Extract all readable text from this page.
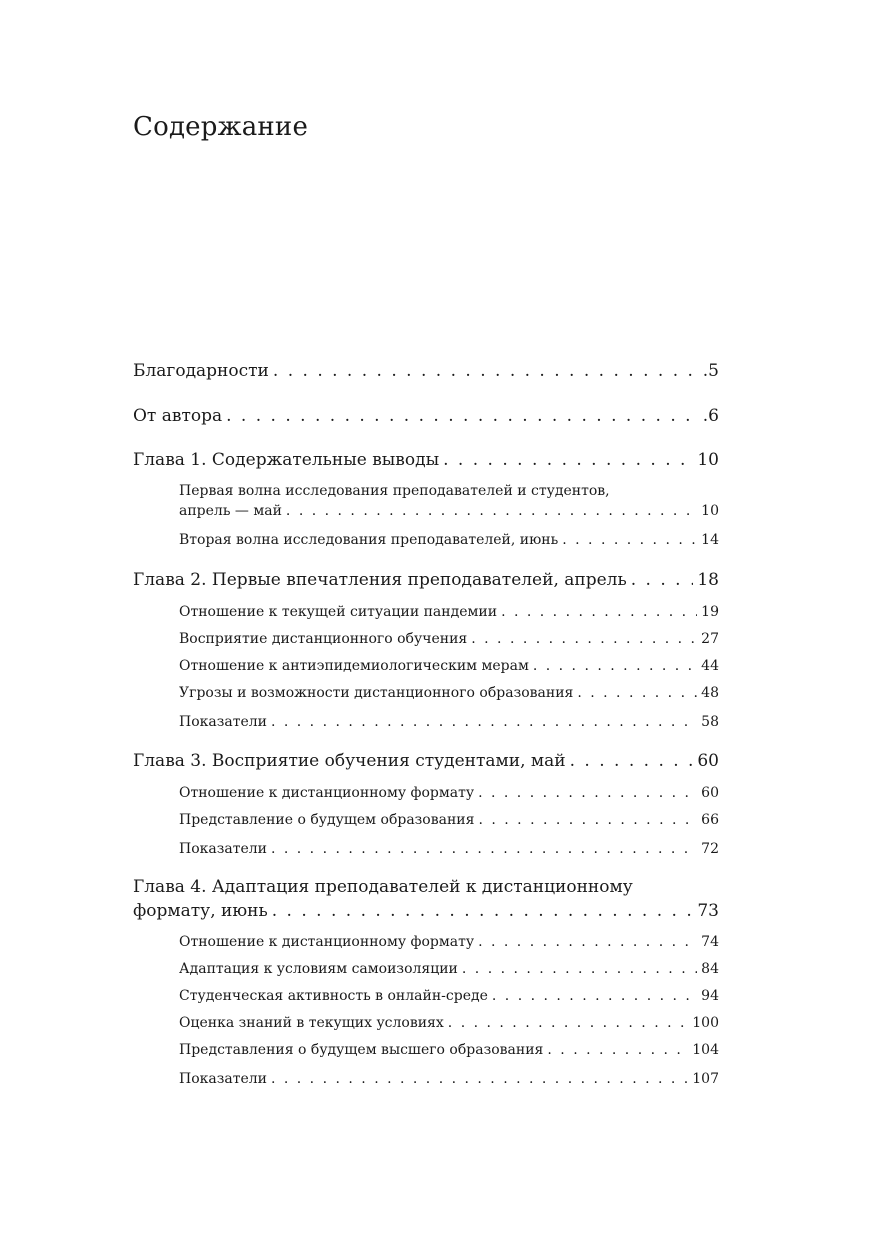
Содержание
Благодарности . . .	.5
От автора . . .	.6
Глава 1. Содержательные выводы . . .	10
Первая волна исследования преподавателей и студентов,
апрель — май . . .	10
Вторая волна исследования преподавателей, июнь . . .	14
Глава 2. Первые впечатления преподавателей, апрель . . .	18
Отношение к текущей ситуации пандемии . . .	19
Восприятие дистанционного обучения . . .	27
Отношение к антиэпидемиологическим мерам . . .	44
Угрозы и возможности дистанционного образования . . .	48
Показатели . . .	58
Глава 3. Восприятие обучения студентами, май . . .	60
Отношение к дистанционному формату . . .	60
Представление о будущем образования . . .	66
Показатели . . .	72
Глава 4. Адаптация преподавателей к дистанционному
формату, июнь . . .	73
Отношение к дистанционному формату . . .	74
Адаптация к условиям самоизоляции . . .	84
Студенческая активность в онлайн-среде . . .	94
Оценка знаний в текущих условиях . . .	100
Представления о будущем высшего образования . . .	104
Показатели . . .	107
